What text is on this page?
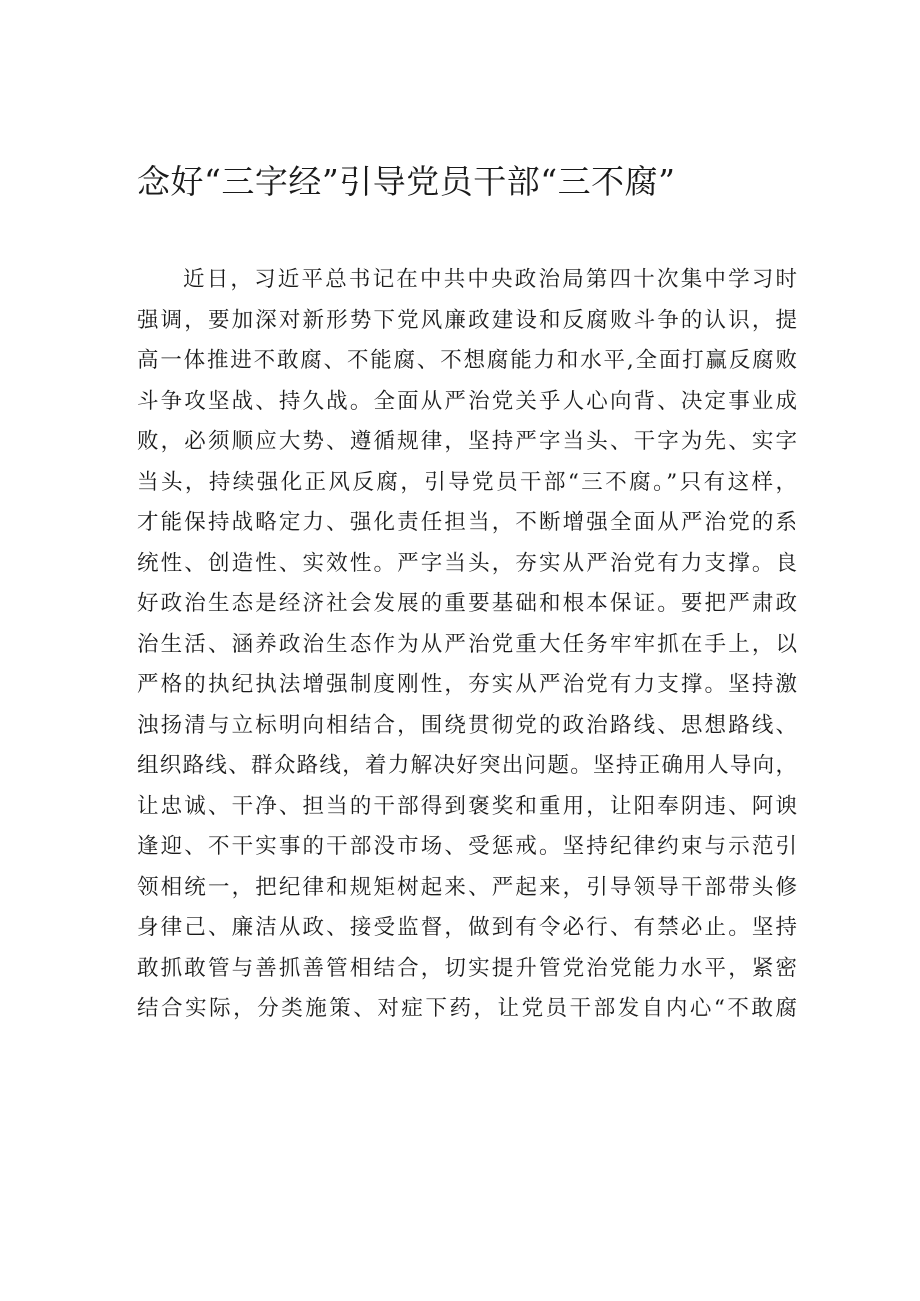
念好“三字经”引导党员干部“三不腐”
近日，习近平总书记在中共中央政治局第四十次集中学习时
强调，要加深对新形势下党风廉政建设和反腐败斗争的认识，提
高一体推进不敢腐、不能腐、不想腐能力和水平,全面打赢反腐败
斗争攻坚战、持久战。全面从严治党关乎人心向背、决定事业成
败，必须顺应大势、遵循规律，坚持严字当头、干字为先、实字
当头，持续强化正风反腐，引导党员干部“三不腐。”只有这样，
才能保持战略定力、强化责任担当，不断增强全面从严治党的系
统性、创造性、实效性。严字当头，夯实从严治党有力支撑。良
好政治生态是经济社会发展的重要基础和根本保证。要把严肃政
治生活、涵养政治生态作为从严治党重大任务牢牢抓在手上，以
严格的执纪执法增强制度刚性，夯实从严治党有力支撑。坚持激
浊扬清与立标明向相结合，围绕贯彻党的政治路线、思想路线、
组织路线、群众路线，着力解决好突出问题。坚持正确用人导向，
让忠诚、干净、担当的干部得到褒奖和重用，让阳奉阴违、阿谀
逢迎、不干实事的干部没市场、受惩戒。坚持纪律约束与示范引
领相统一，把纪律和规矩树起来、严起来，引导领导干部带头修
身律己、廉洁从政、接受监督，做到有令必行、有禁必止。坚持
敢抓敢管与善抓善管相结合，切实提升管党治党能力水平，紧密
结合实际，分类施策、对症下药，让党员干部发自内心“不敢腐
